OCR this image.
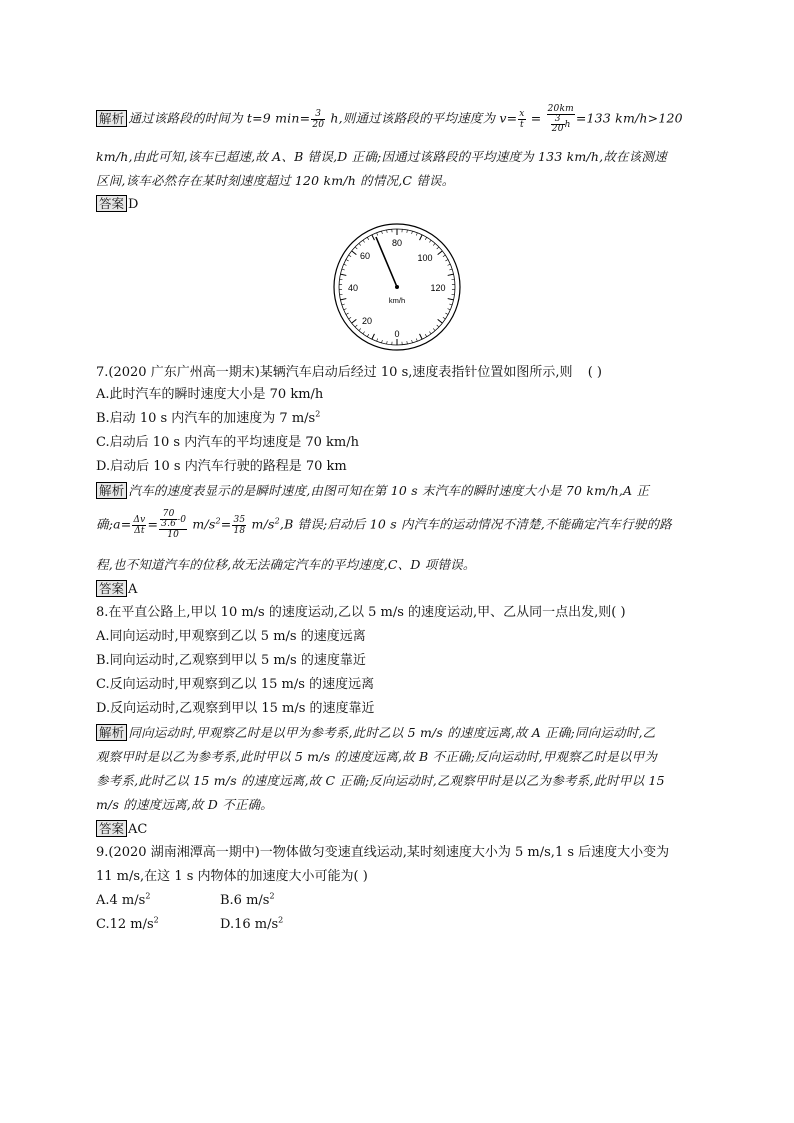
解析 通过该路段的时间为 t=9 $\min= \frac{3}{20} h$,则通过该路段的平均速度为 $v= \frac{x}{t} = \frac{20km}{\frac{3}{20} h} =133$ km/h>120
km/h,由此可知,该车已超速,故 A、B 错误,D 正确;因通过该路段的平均速度为 133 km/h,故在该测速
区间,该车必然存在某时刻速度超过 120 km/h 的情况,C 错误。
答案 D
0
20
40
60
80
100
120
km/h
7.(2020 广东广州高一期末)某辆汽车启动后经过 10 s,速度表指针位置如图所示,则 ( )
A.此时汽车的瞬时速度大小是 70 km/h
B.启动 10 s 内汽车的加速度为 7 $m/s^2$
C.启动后 10 s 内汽车的平均速度是 70 km/h
D.启动后 10 s 内汽车行驶的路程是 70 km
解析 汽车的速度表显示的是瞬时速度,由图可知在第 10 s 末汽车的瞬时速度大小是 70 km/h,A 正
确;a= $\frac{\Delta v}{\Delta t} = \frac{\frac{70}{3.6} -0}{10} m/s^2= \frac{35}{18} m/s^2,B$ 错误;启动后 10 s 内汽车的运动情况不清楚,不能确定汽车行驶的路
程,也不知道汽车的位移,故无法确定汽车的平均速度,C、D 项错误。
答案 A
8.在平直公路上,甲以 10 m/s 的速度运动,乙以 5 m/s 的速度运动,甲、乙从同一点出发,则( )
A.同向运动时,甲观察到乙以 5 m/s 的速度远离
B.同向运动时,乙观察到甲以 5 m/s 的速度靠近
C.反向运动时,甲观察到乙以 15 m/s 的速度远离
D.反向运动时,乙观察到甲以 15 m/s 的速度靠近
解析 同向运动时,甲观察乙时是以甲为参考系,此时乙以 5 m/s 的速度远离,故 A 正确;同向运动时,乙
观察甲时是以乙为参考系,此时甲以 5 m/s 的速度远离,故 B 不正确;反向运动时,甲观察乙时是以甲为
参考系,此时乙以 15 m/s 的速度远离,故 C 正确;反向运动时,乙观察甲时是以乙为参考系,此时甲以 15
m/s 的速度远离,故 D 不正确。
答案 AC
9.(2020 湖南湘潭高一期中)一物体做匀变速直线运动,某时刻速度大小为 5 m/s,1 s 后速度大小变为
11 m/s,在这 1 s 内物体的加速度大小可能为( )
A.4 $m/s^2$	B.6 $m/s^2$
C.12 $m/s^2$	D.16 $m/s^2$
